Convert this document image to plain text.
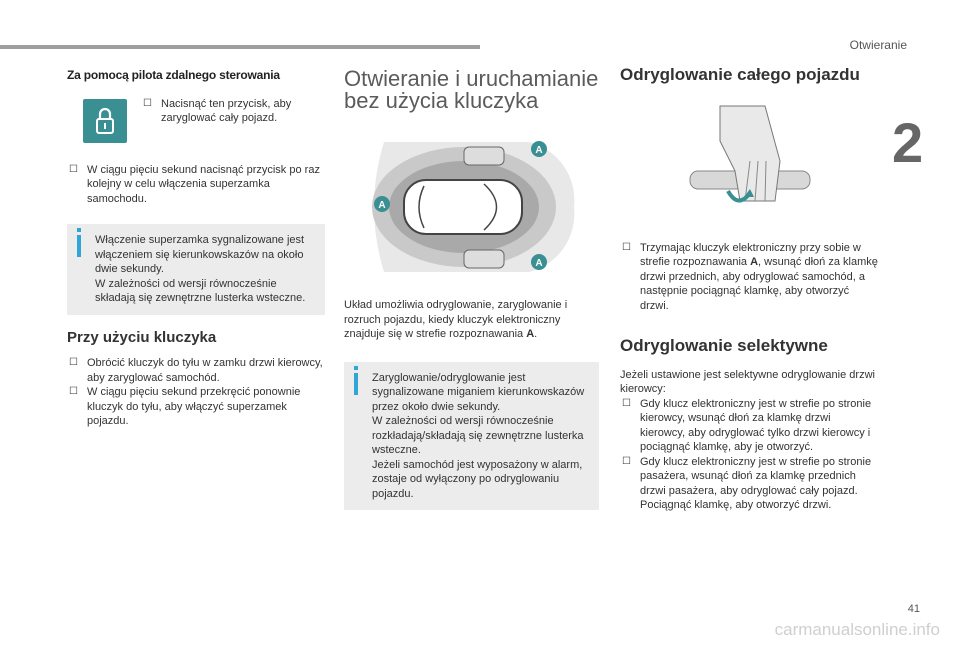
Otwieranie
2
41
carmanualsonline.info
Za pomocą pilota zdalnego sterowania
☐ Nacisnąć ten przycisk, aby zaryglować cały pojazd.

☐ W ciągu pięciu sekund nacisnąć przycisk po raz kolejny w celu włączenia superzamka samochodu.

Włączenie superzamka sygnalizowane jest włączeniem się kierunkowskazów na około dwie sekundy.
W zależności od wersji równocześnie składają się zewnętrzne lusterka wsteczne.

Przy użyciu kluczyka
☐ Obrócić kluczyk do tyłu w zamku drzwi kierowcy, aby zaryglować samochód.

☐ W ciągu pięciu sekund przekręcić ponownie kluczyk do tyłu, aby włączyć superzamek pojazdu.

Otwieranie i uruchamianie bez użycia kluczyka
A
A
A

Układ umożliwia odryglowanie, zaryglowanie i rozruch pojazdu, kiedy kluczyk elektroniczny znajduje się w strefie rozpoznawania A.

Zaryglowanie/odryglowanie jest sygnalizowane miganiem kierunkowskazów przez około dwie sekundy.
W zależności od wersji równocześnie rozkładają/składają się zewnętrzne lusterka wsteczne.
Jeżeli samochód jest wyposażony w alarm, zostaje od wyłączony po odryglowaniu pojazdu.

Odryglowanie całego pojazdu
☐ Trzymając kluczyk elektroniczny przy sobie w strefie rozpoznawania A, wsunąć dłoń za klamkę drzwi przednich, aby odryglować samochód, a następnie pociągnąć klamkę, aby otworzyć drzwi.

Odryglowanie selektywne

Jeżeli ustawione jest selektywne odryglowanie drzwi kierowcy:

☐ Gdy klucz elektroniczny jest w strefie po stronie kierowcy, wsunąć dłoń za klamkę drzwi kierowcy, aby odryglować tylko drzwi kierowcy i pociągnąć klamkę, aby je otworzyć.

☐ Gdy klucz elektroniczny jest w strefie po stronie pasażera, wsunąć dłoń za klamkę przednich drzwi pasażera, aby odryglować cały pojazd. Pociągnąć klamkę, aby otworzyć drzwi.
